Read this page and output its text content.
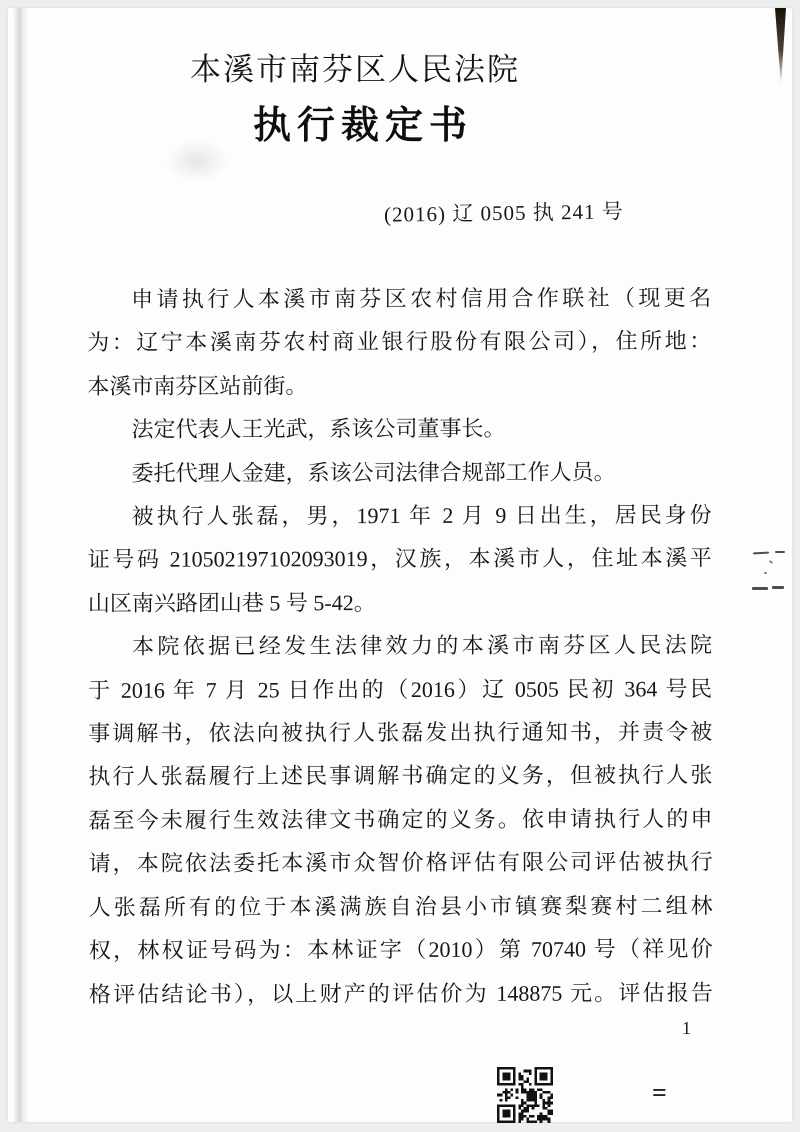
本溪市南芬区人民法院
执行裁定书
(2016) 辽 0505 执 241 号
申请执行人本溪市南芬区农村信用合作联社（现更名
为：辽宁本溪南芬农村商业银行股份有限公司），住所地：
本溪市南芬区站前街。
法定代表人王光武，系该公司董事长。
委托代理人金建，系该公司法律合规部工作人员。
被执行人张磊，男，1971 年 2 月 9 日出生，居民身份
证号码 210502197102093019，汉族，本溪市人，住址本溪平
山区南兴路团山巷 5 号 5-42。
本院依据已经发生法律效力的本溪市南芬区人民法院
于 2016 年 7 月 25 日作出的（2016）辽 0505 民初 364 号民
事调解书，依法向被执行人张磊发出执行通知书，并责令被
执行人张磊履行上述民事调解书确定的义务，但被执行人张
磊至今未履行生效法律文书确定的义务。依申请执行人的申
请，本院依法委托本溪市众智价格评估有限公司评估被执行
人张磊所有的位于本溪满族自治县小市镇赛梨赛村二组林
权，林权证号码为：本林证字（2010）第 70740 号（祥见价
格评估结论书），以上财产的评估价为 148875 元。评估报告
1
=
